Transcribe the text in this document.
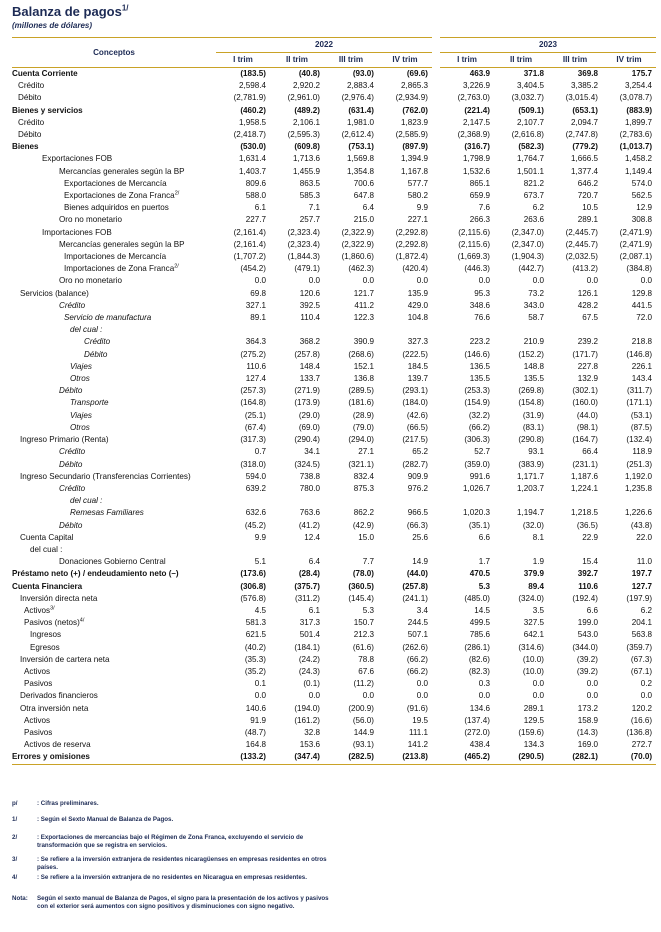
Balanza de pagos$^{1/}$
(millones de dólares)
Conceptos	2022					2023			
	I trim	II trim	III trim	IV trim		I trim	II trim	III trim	IV trim
Cuenta Corriente	(183.5)	(40.8)	(93.0)	(69.6)		463.9	371.8	369.8	175.7
Crédito	2,598.4	2,920.2	2,883.4	2,865.3		3,226.9	3,404.5	3,385.2	3,254.4
Débito	(2,781.9)	(2,961.0)	(2,976.4)	(2,934.9)		(2,763.0)	(3,032.7)	(3,015.4)	(3,078.7)
Bienes y servicios	(460.2)	(489.2)	(631.4)	(762.0)		(221.4)	(509.1)	(653.1)	(883.9)
Crédito	1,958.5	2,106.1	1,981.0	1,823.9		2,147.5	2,107.7	2,094.7	1,899.7
Débito	(2,418.7)	(2,595.3)	(2,612.4)	(2,585.9)		(2,368.9)	(2,616.8)	(2,747.8)	(2,783.6)
Bienes	(530.0)	(609.8)	(753.1)	(897.9)		(316.7)	(582.3)	(779.2)	(1,013.7)
Exportaciones FOB	1,631.4	1,713.6	1,569.8	1,394.9		1,798.9	1,764.7	1,666.5	1,458.2
Mercancías generales según la BP	1,403.7	1,455.9	1,354.8	1,167.8		1,532.6	1,501.1	1,377.4	1,149.4
Exportaciones de Mercancía	809.6	863.5	700.6	577.7		865.1	821.2	646.2	574.0
Exportaciones de Zona Franca$^{2/}$	588.0	585.3	647.8	580.2		659.9	673.7	720.7	562.5
Bienes adquiridos en puertos	6.1	7.1	6.4	9.9		7.6	6.2	10.5	12.9
Oro no monetario	227.7	257.7	215.0	227.1		266.3	263.6	289.1	308.8
Importaciones FOB	(2,161.4)	(2,323.4)	(2,322.9)	(2,292.8)		(2,115.6)	(2,347.0)	(2,445.7)	(2,471.9)
Mercancías generales según la BP	(2,161.4)	(2,323.4)	(2,322.9)	(2,292.8)		(2,115.6)	(2,347.0)	(2,445.7)	(2,471.9)
Importaciones de Mercancía	(1,707.2)	(1,844.3)	(1,860.6)	(1,872.4)		(1,669.3)	(1,904.3)	(2,032.5)	(2,087.1)
Importaciones de Zona Franca$^{2/}$	(454.2)	(479.1)	(462.3)	(420.4)		(446.3)	(442.7)	(413.2)	(384.8)
Oro no monetario	0.0	0.0	0.0	0.0		0.0	0.0	0.0	0.0
Servicios (balance)	69.8	120.6	121.7	135.9		95.3	73.2	126.1	129.8
Crédito	327.1	392.5	411.2	429.0		348.6	343.0	428.2	441.5
Servicio de manufactura	89.1	110.4	122.3	104.8		76.6	58.7	67.5	72.0
del cual :									
Crédito	364.3	368.2	390.9	327.3		223.2	210.9	239.2	218.8
Débito	(275.2)	(257.8)	(268.6)	(222.5)		(146.6)	(152.2)	(171.7)	(146.8)
Viajes	110.6	148.4	152.1	184.5		136.5	148.8	227.8	226.1
Otros	127.4	133.7	136.8	139.7		135.5	135.5	132.9	143.4
Débito	(257.3)	(271.9)	(289.5)	(293.1)		(253.3)	(269.8)	(302.1)	(311.7)
Transporte	(164.8)	(173.9)	(181.6)	(184.0)		(154.9)	(154.8)	(160.0)	(171.1)
Viajes	(25.1)	(29.0)	(28.9)	(42.6)		(32.2)	(31.9)	(44.0)	(53.1)
Otros	(67.4)	(69.0)	(79.0)	(66.5)		(66.2)	(83.1)	(98.1)	(87.5)
Ingreso Primario (Renta)	(317.3)	(290.4)	(294.0)	(217.5)		(306.3)	(290.8)	(164.7)	(132.4)
Crédito	0.7	34.1	27.1	65.2		52.7	93.1	66.4	118.9
Débito	(318.0)	(324.5)	(321.1)	(282.7)		(359.0)	(383.9)	(231.1)	(251.3)
Ingreso Secundario (Transferencias Corrientes)	594.0	738.8	832.4	909.9		991.6	1,171.7	1,187.6	1,192.0
Crédito	639.2	780.0	875.3	976.2		1,026.7	1,203.7	1,224.1	1,235.8
del cual :									
Remesas Familiares	632.6	763.6	862.2	966.5		1,020.3	1,194.7	1,218.5	1,226.6
Débito	(45.2)	(41.2)	(42.9)	(66.3)		(35.1)	(32.0)	(36.5)	(43.8)
Cuenta Capital	9.9	12.4	15.0	25.6		6.6	8.1	22.9	22.0
del cual :									
Donaciones Gobierno Central	5.1	6.4	7.7	14.9		1.7	1.9	15.4	11.0
Préstamo neto (+) / endeudamiento neto (–)	(173.6)	(28.4)	(78.0)	(44.0)		470.5	379.9	392.7	197.7
Cuenta Financiera	(306.8)	(375.7)	(360.5)	(257.8)		5.3	89.4	110.6	127.7
Inversión directa neta	(576.8)	(311.2)	(145.4)	(241.1)		(485.0)	(324.0)	(192.4)	(197.9)
Activos$^{3/}$	4.5	6.1	5.3	3.4		14.5	3.5	6.6	6.2
Pasivos (netos)$^{4/}$	581.3	317.3	150.7	244.5		499.5	327.5	199.0	204.1
Ingresos	621.5	501.4	212.3	507.1		785.6	642.1	543.0	563.8
Egresos	(40.2)	(184.1)	(61.6)	(262.6)		(286.1)	(314.6)	(344.0)	(359.7)
Inversión de cartera neta	(35.3)	(24.2)	78.8	(66.2)		(82.6)	(10.0)	(39.2)	(67.3)
Activos	(35.2)	(24.3)	67.6	(66.2)		(82.3)	(10.0)	(39.2)	(67.1)
Pasivos	0.1	(0.1)	(11.2)	0.0		0.3	0.0	0.0	0.2
Derivados financieros	0.0	0.0	0.0	0.0		0.0	0.0	0.0	0.0
Otra inversión neta	140.6	(194.0)	(200.9)	(91.6)		134.6	289.1	173.2	120.2
Activos	91.9	(161.2)	(56.0)	19.5		(137.4)	129.5	158.9	(16.6)
Pasivos	(48.7)	32.8	144.9	111.1		(272.0)	(159.6)	(14.3)	(136.8)
Activos de reserva	164.8	153.6	(93.1)	141.2		438.4	134.3	169.0	272.7
Errores y omisiones	(133.2)	(347.4)	(282.5)	(213.8)		(465.2)	(290.5)	(282.1)	(70.0)
p/	: Cifras preliminares.
1/	: Según el Sexto Manual de Balanza de Pagos.
2/	: Exportaciones de mercancías bajo el Régimen de Zona Franca, excluyendo el servicio de transformación que se registra en servicios.
3/	: Se refiere a la inversión extranjera de residentes nicaragüenses en empresas residentes en otros países.
4/	: Se refiere a la inversión extranjera de no residentes en Nicaragua en empresas residentes.
Nota:	Según el sexto manual de Balanza de Pagos, el signo para la presentación de los activos y pasivos con el exterior será aumentos con signo positivos y disminuciones con signo negativo.
